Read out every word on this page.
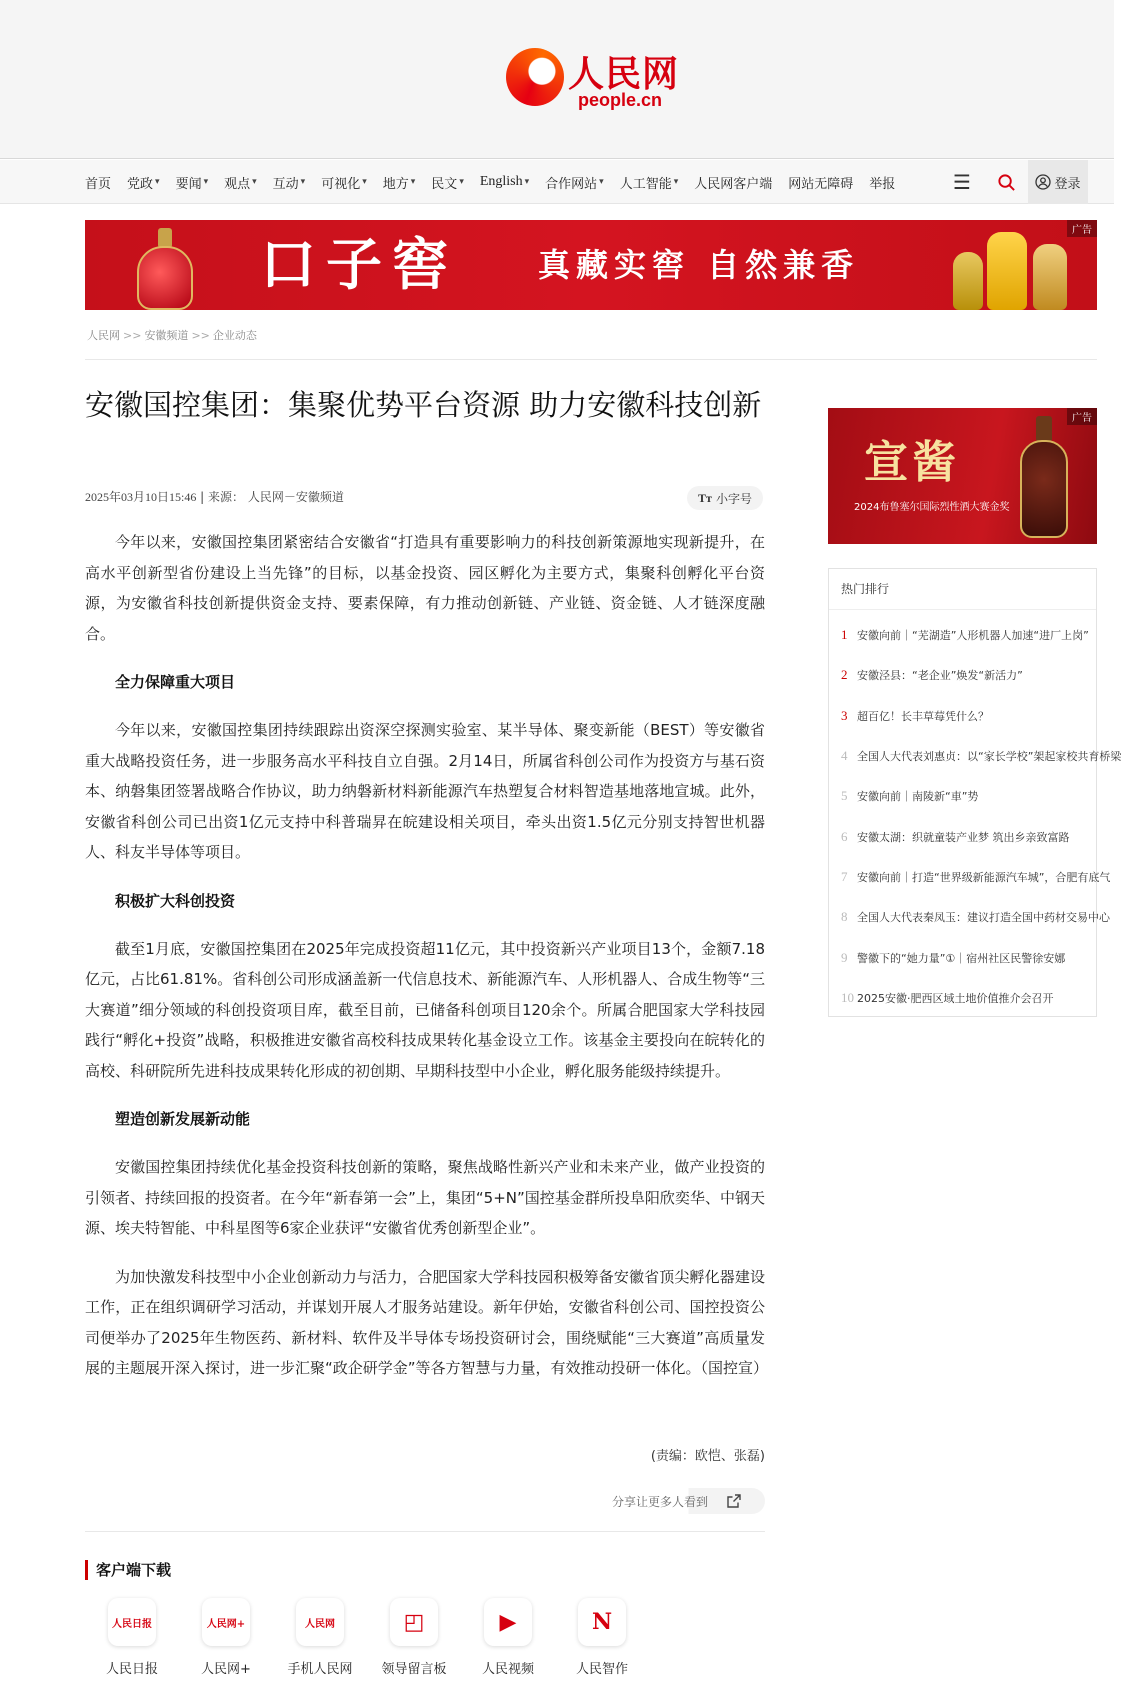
人民网
people.cn
首页 党政 ▾ 要闻 ▾ 观点 ▾ 互动 ▾ 可视化 ▾ 地方 ▾ 民文 ▾ English ▾ 合作网站 ▾ 人工智能 ▾ 人民网客户端 网站无障碍 举报	☰	登录
口子窖	真藏实窖 自然兼香
广告
人民网 >> 安徽频道 >> 企业动态
安徽国控集团：集聚优势平台资源 助力安徽科技创新
2025年03月10日15:46 | 来源： 人民网－安徽频道	Tт 小字号

今年以来，安徽国控集团紧密结合安徽省“打造具有重要影响力的科技创新策源地实现新提升，在高水平创新型省份建设上当先锋”的目标，以基金投资、园区孵化为主要方式，集聚科创孵化平台资源，为安徽省科技创新提供资金支持、要素保障，有力推动创新链、产业链、资金链、人才链深度融合。

全力保障重大项目

今年以来，安徽国控集团持续跟踪出资深空探测实验室、某半导体、聚变新能（BEST）等安徽省重大战略投资任务，进一步服务高水平科技自立自强。2月14日，所属省科创公司作为投资方与基石资本、纳磐集团签署战略合作协议，助力纳磐新材料新能源汽车热塑复合材料智造基地落地宣城。此外，安徽省科创公司已出资1亿元支持中科普瑞昇在皖建设相关项目，牵头出资1.5亿元分别支持智世机器人、科友半导体等项目。

积极扩大科创投资

截至1月底，安徽国控集团在2025年完成投资超11亿元，其中投资新兴产业项目13个，金额7.18亿元，占比61.81%。省科创公司形成涵盖新一代信息技术、新能源汽车、人形机器人、合成生物等“三大赛道”细分领域的科创投资项目库，截至目前，已储备科创项目120余个。所属合肥国家大学科技园践行“孵化+投资”战略，积极推进安徽省高校科技成果转化基金设立工作。该基金主要投向在皖转化的高校、科研院所先进科技成果转化形成的初创期、早期科技型中小企业，孵化服务能级持续提升。

塑造创新发展新动能

安徽国控集团持续优化基金投资科技创新的策略，聚焦战略性新兴产业和未来产业，做产业投资的引领者、持续回报的投资者。在今年“新春第一会”上，集团“5+N”国控基金群所投阜阳欣奕华、中钢天源、埃夫特智能、中科星图等6家企业获评“安徽省优秀创新型企业”。

为加快激发科技型中小企业创新动力与活力，合肥国家大学科技园积极筹备安徽省顶尖孵化器建设工作，正在组织调研学习活动，并谋划开展人才服务站建设。新年伊始，安徽省科创公司、国控投资公司便举办了2025年生物医药、新材料、软件及半导体专场投资研讨会，围绕赋能“三大赛道”高质量发展的主题展开深入探讨，进一步汇聚“政企研学金”等各方智慧与力量，有效推动投研一体化。（国控宣）

(责编：欧恺、张磊)
分享让更多人看到
客户端下载
人民日报
人民日报
人民网+
人民网+
人民网
手机人民网
◰
领导留言板
▶
人民视频
N
人民智作
宣酱
2024布鲁塞尔国际烈性酒大赛金奖
广告
热门排行
1 安徽向前｜“芜湖造”人形机器人加速“进厂上岗”
2 安徽泾县：“老企业”焕发“新活力”
3 超百亿！长丰草莓凭什么？
4 全国人大代表刘惠贞：以“家长学校”架起家校共育桥梁
5 安徽向前｜南陵新“車”势
6 安徽太湖：织就童装产业梦 筑出乡亲致富路
7 安徽向前｜打造“世界级新能源汽车城”，合肥有底气
8 全国人大代表秦凤玉：建议打造全国中药材交易中心
9 警徽下的“她力量”①｜宿州社区民警徐安娜
10 2025安徽·肥西区域土地价值推介会召开
